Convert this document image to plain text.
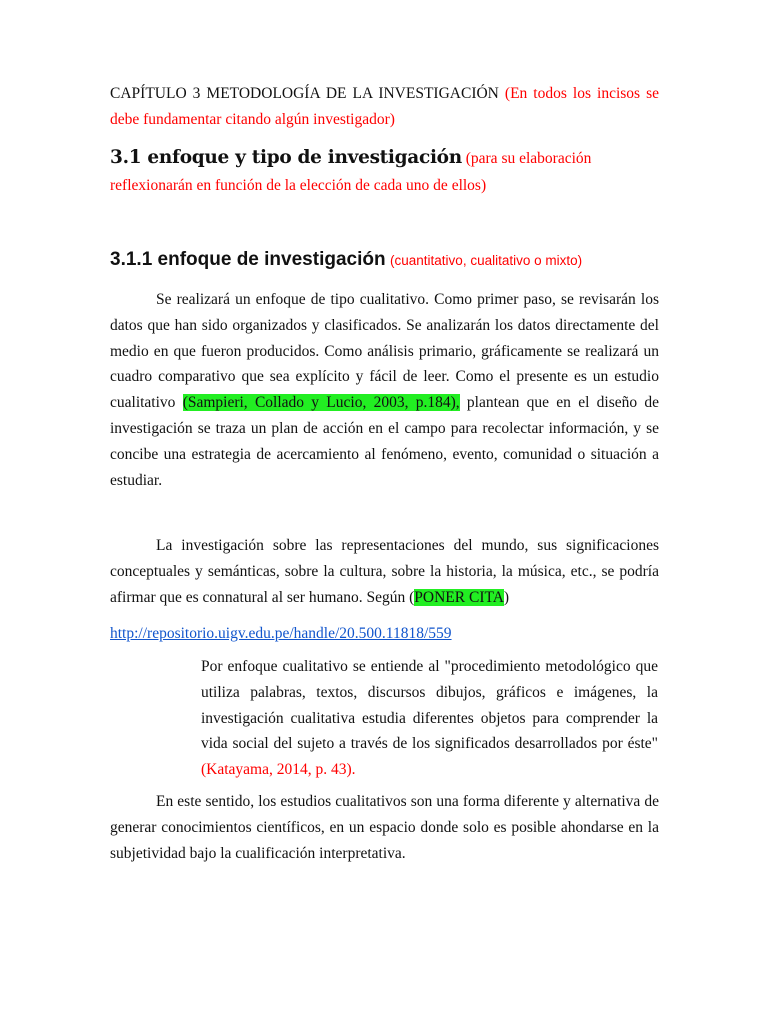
CAPÍTULO 3 METODOLOGÍA DE LA INVESTIGACIÓN (En todos los incisos se debe fundamentar citando algún investigador)

3.1 enfoque y tipo de investigación (para su elaboración reflexionarán en función de la elección de cada uno de ellos)

3.1.1 enfoque de investigación (cuantitativo, cualitativo o mixto)

Se realizará un enfoque de tipo cualitativo. Como primer paso, se revisarán los datos que han sido organizados y clasificados. Se analizarán los datos directamente del medio en que fueron producidos. Como análisis primario, gráficamente se realizará un cuadro comparativo que sea explícito y fácil de leer. Como el presente es un estudio cualitativo (Sampieri, Collado y Lucio, 2003, p.184), plantean que en el diseño de investigación se traza un plan de acción en el campo para recolectar información, y se concibe una estrategia de acercamiento al fenómeno, evento, comunidad o situación a estudiar.

La investigación sobre las representaciones del mundo, sus significaciones conceptuales y semánticas, sobre la cultura, sobre la historia, la música, etc., se podría afirmar que es connatural al ser humano. Según (PONER CITA)

http://repositorio.uigv.edu.pe/handle/20.500.11818/559

Por enfoque cualitativo se entiende al "procedimiento metodológico que utiliza palabras, textos, discursos dibujos, gráficos e imágenes, la investigación cualitativa estudia diferentes objetos para comprender la vida social del sujeto a través de los significados desarrollados por éste" (Katayama, 2014, p. 43).

En este sentido, los estudios cualitativos son una forma diferente y alternativa de generar conocimientos científicos, en un espacio donde solo es posible ahondarse en la subjetividad bajo la cualificación interpretativa.
